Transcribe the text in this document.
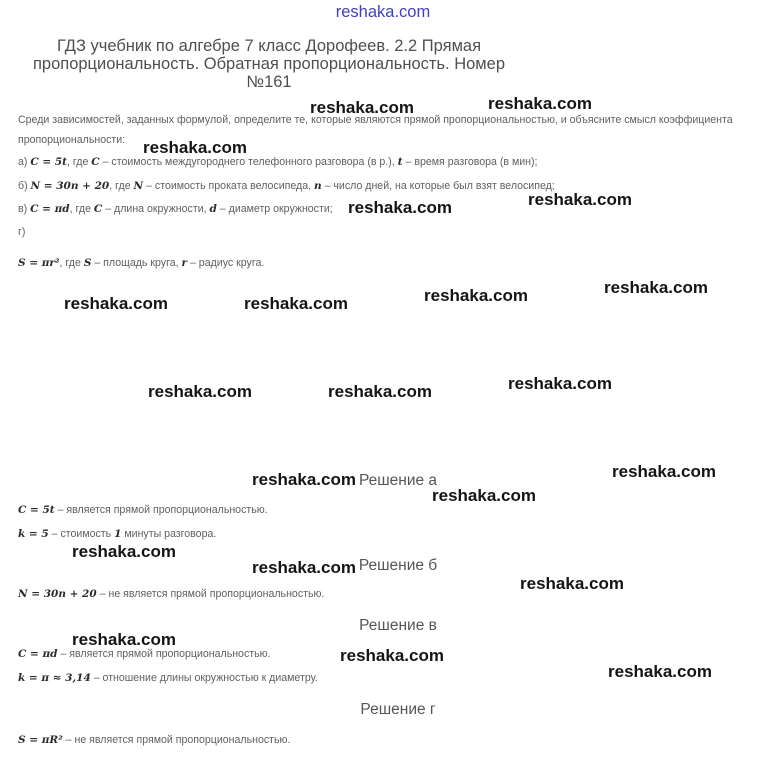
reshaka.com
ГДЗ учебник по алгебре 7 класс Дорофеев. 2.2 Прямая
пропорциональность. Обратная пропорциональность. Номер
№161
Среди зависимостей, заданных формулой, определите те, которые являются прямой пропорциональностью, и объясните смысл коэффициента
пропорциональности:
а) C = 5t , где C – стоимость междугороднего телефонного разговора (в р.), t – время разговора (в мин);
б) N = 30n + 20 , где N – стоимость проката велосипеда, n – число дней, на которые был взят велосипед;
в) C = πd , где C – длина окружности, d – диаметр окружности;
г)
S = πr² , где S – площадь круга, r – радиус круга.
Решение а
C = 5t – является прямой пропорциональностью.
k = 5 – стоимость 1 минуты разговора.
Решение б
N = 30n + 20 – не является прямой пропорциональностью.
Решение в
C = πd – является прямой пропорциональностью.
k = π ≈ 3,14 – отношение длины окружностью к диаметру.
Решение г
S = πR² – не является прямой пропорциональностью.
reshaka.com	reshaka.com
reshaka.com
reshaka.com	reshaka.com
reshaka.com	reshaka.com	reshaka.com	reshaka.com
reshaka.com	reshaka.com	reshaka.com
reshaka.com	reshaka.com
reshaka.com
reshaka.com
reshaka.com
reshaka.com
reshaka.com
reshaka.com
reshaka.com
